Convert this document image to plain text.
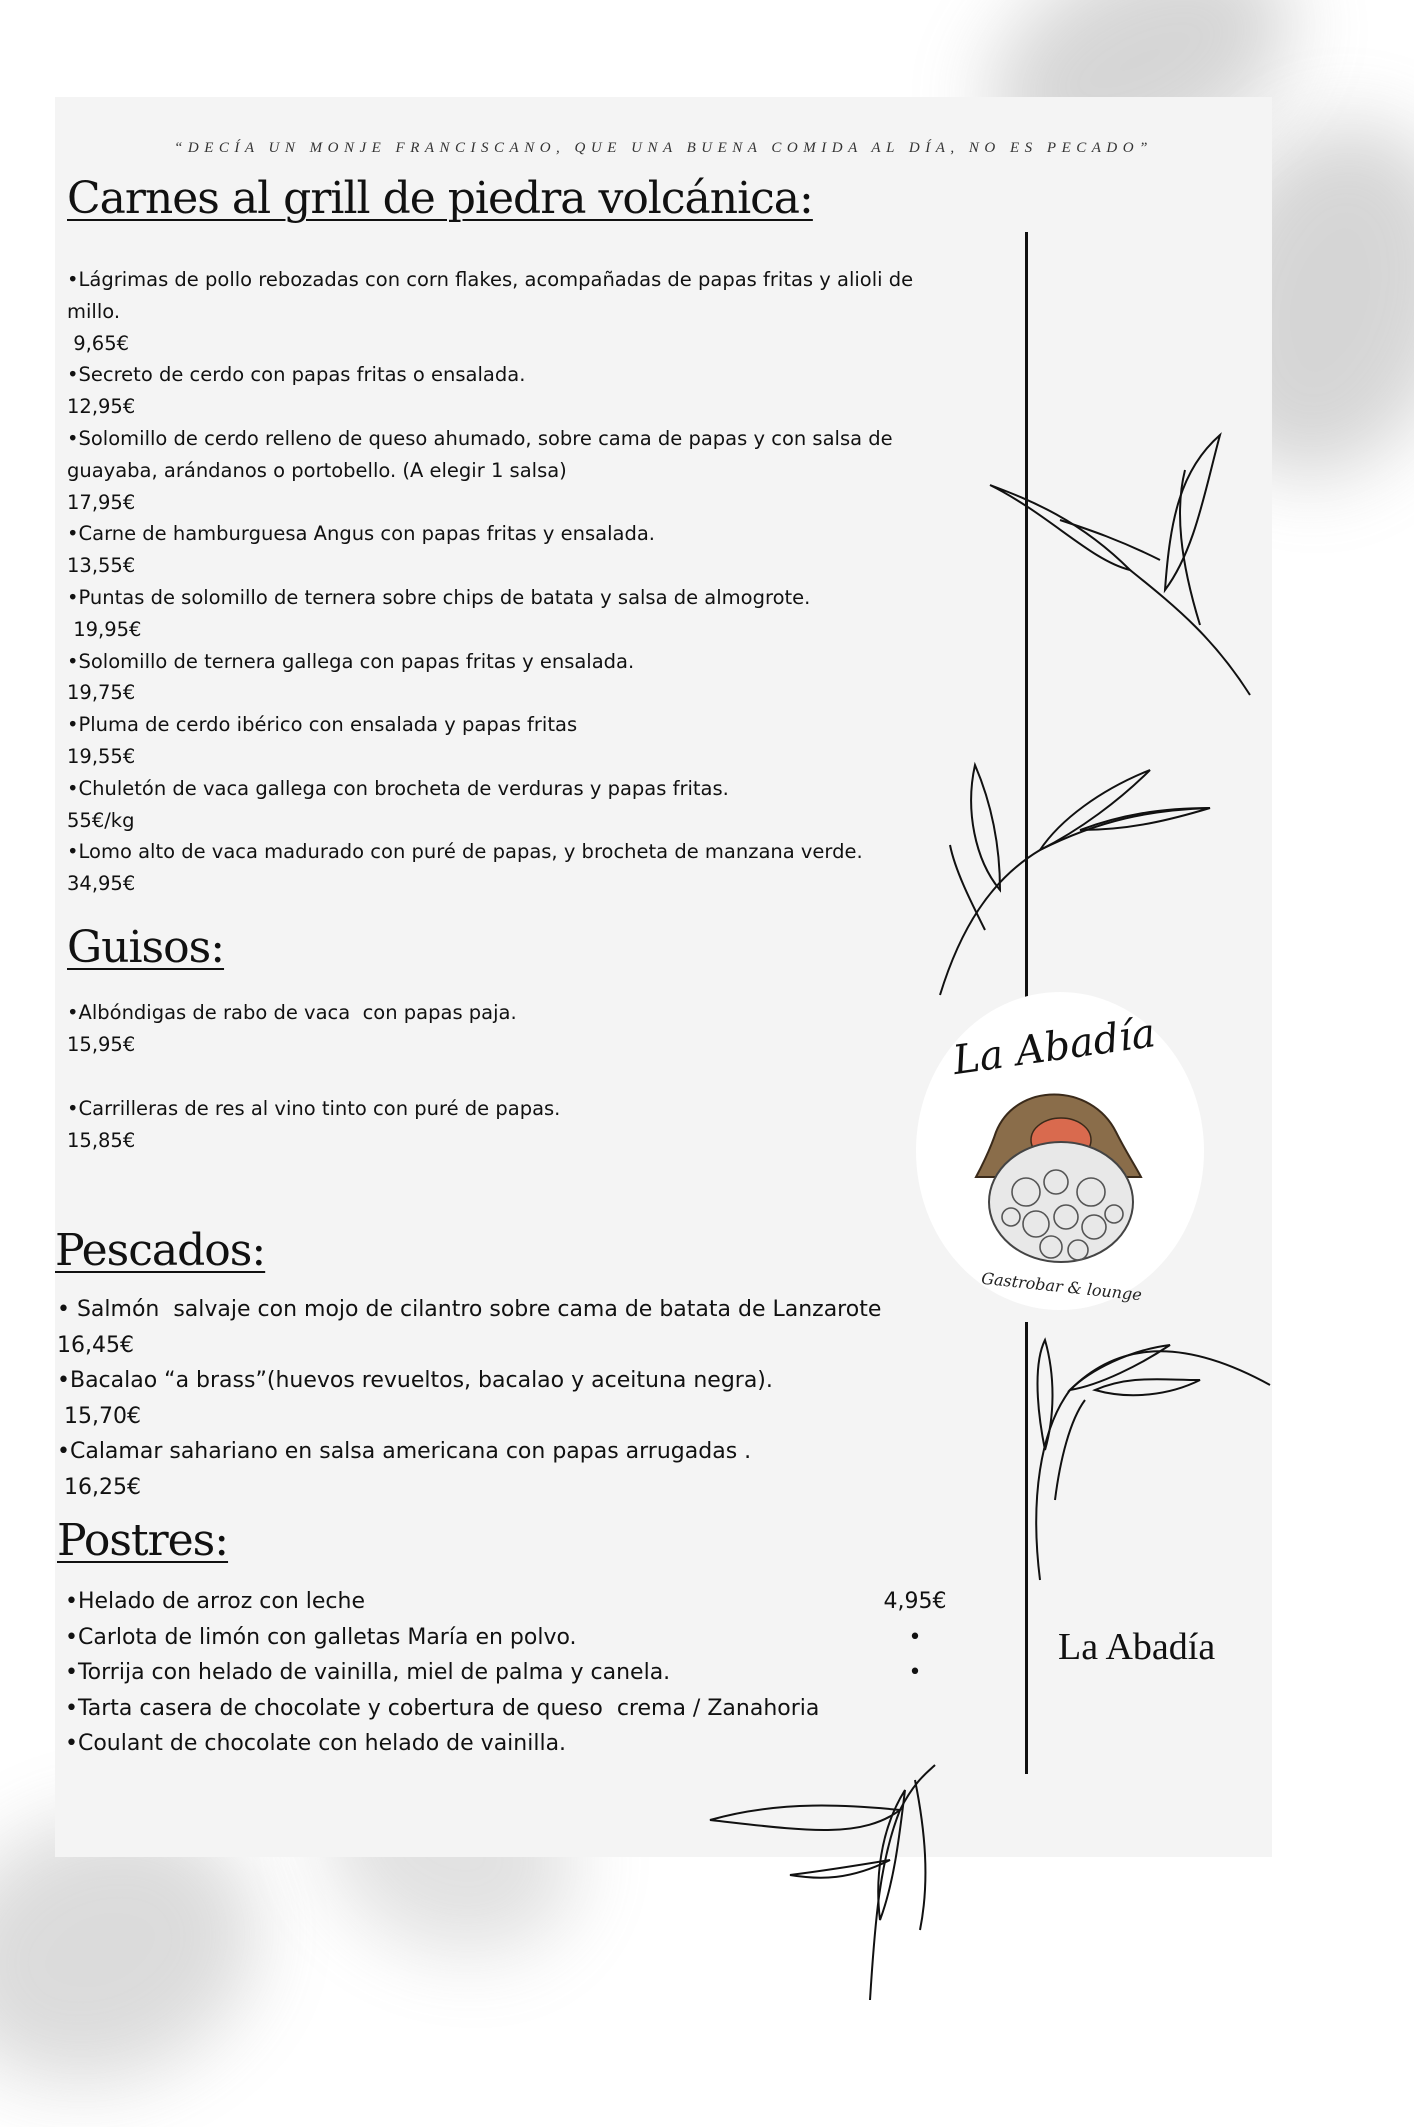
“DECÍA UN MONJE FRANCISCANO, QUE UNA BUENA COMIDA AL DÍA, NO ES PECADO”
Carnes al grill de piedra volcánica:
•Lágrimas de pollo rebozadas con corn flakes, acompañadas de papas fritas y alioli de
millo.
9,65€
•Secreto de cerdo con papas fritas o ensalada.
12,95€
•Solomillo de cerdo relleno de queso ahumado, sobre cama de papas y con salsa de
guayaba, arándanos o portobello. (A elegir 1 salsa)
17,95€
•Carne de hamburguesa Angus con papas fritas y ensalada.
13,55€
•Puntas de solomillo de ternera sobre chips de batata y salsa de almogrote.
19,95€
•Solomillo de ternera gallega con papas fritas y ensalada.
19,75€
•Pluma de cerdo ibérico con ensalada y papas fritas
19,55€
•Chuletón de vaca gallega con brocheta de verduras y papas fritas.
55€/kg
•Lomo alto de vaca madurado con puré de papas, y brocheta de manzana verde.
34,95€
Guisos:
•Albóndigas de rabo de vaca  con papas paja.
15,95€
•Carrilleras de res al vino tinto con puré de papas.
15,85€
Pescados:
• Salmón  salvaje con mojo de cilantro sobre cama de batata de Lanzarote
16,45€
•Bacalao “a brass”(huevos revueltos, bacalao y aceituna negra).
15,70€
•Calamar sahariano en salsa americana con papas arrugadas .
16,25€
Postres:
•Helado de arroz con leche
•Carlota de limón con galletas María en polvo.
•Torrija con helado de vainilla, miel de palma y canela.
•Tarta casera de chocolate y cobertura de queso  crema / Zanahoria
•Coulant de chocolate con helado de vainilla.
4,95€
•
•
La Abadía
Gastrobar & lounge
La Abadía
